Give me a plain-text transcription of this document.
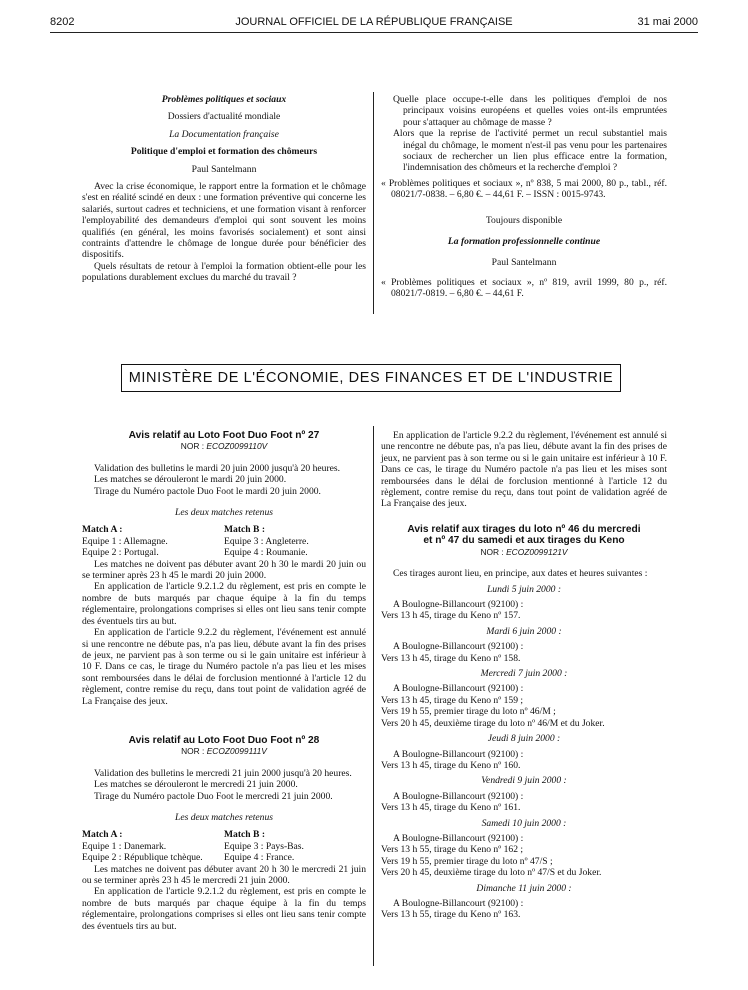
8202	JOURNAL OFFICIEL DE LA RÉPUBLIQUE FRANÇAISE	31 mai 2000

Problèmes politiques et sociaux

Dossiers d'actualité mondiale

La Documentation française

Politique d'emploi et formation des chômeurs

Paul Santelmann

Avec la crise économique, le rapport entre la formation et le chômage s'est en réalité scindé en deux : une formation préventive qui concerne les salariés, surtout cadres et techniciens, et une formation visant à renforcer l'employabilité des demandeurs d'emploi qui sont souvent les moins qualifiés (en général, les moins favorisés socialement) et sont ainsi contraints d'attendre le chômage de longue durée pour bénéficier des dispositifs.

Quels résultats de retour à l'emploi la formation obtient-elle pour les populations durablement exclues du marché du travail ?

Quelle place occupe-t-elle dans les politiques d'emploi de nos principaux voisins européens et quelles voies ont-ils empruntées pour s'attaquer au chômage de masse ?

Alors que la reprise de l'activité permet un recul substantiel mais inégal du chômage, le moment n'est-il pas venu pour les partenaires sociaux de rechercher un lien plus efficace entre la formation, l'indemnisation des chômeurs et la recherche d'emploi ?

« Problèmes politiques et sociaux », nº 838, 5 mai 2000, 80 p., tabl., réf. 08021/7-0838. – 6,80 €. – 44,61 F. – ISSN : 0015-9743.

Toujours disponible

La formation professionnelle continue

Paul Santelmann

« Problèmes politiques et sociaux », nº 819, avril 1999, 80 p., réf. 08021/7-0819. – 6,80 €. – 44,61 F.

MINISTÈRE DE L'ÉCONOMIE, DES FINANCES ET DE L'INDUSTRIE

Avis relatif au Loto Foot Duo Foot nº 27

NOR : ECOZ0099110V

Validation des bulletins le mardi 20 juin 2000 jusqu'à 20 heures.

Les matches se dérouleront le mardi 20 juin 2000.

Tirage du Numéro pactole Duo Foot le mardi 20 juin 2000.

Les deux matches retenus

Match A :

Equipe 1 : Allemagne.

Equipe 2 : Portugal.

Match B :

Equipe 3 : Angleterre.

Equipe 4 : Roumanie.

Les matches ne doivent pas débuter avant 20 h 30 le mardi 20 juin ou se terminer après 23 h 45 le mardi 20 juin 2000.

En application de l'article 9.2.1.2 du règlement, est pris en compte le nombre de buts marqués par chaque équipe à la fin du temps réglementaire, prolongations comprises si elles ont lieu sans tenir compte des éventuels tirs au but.

En application de l'article 9.2.2 du règlement, l'événement est annulé si une rencontre ne débute pas, n'a pas lieu, débute avant la fin des prises de jeux, ne parvient pas à son terme ou si le gain unitaire est inférieur à 10 F. Dans ce cas, le tirage du Numéro pactole n'a pas lieu et les mises sont remboursées dans le délai de forclusion mentionné à l'article 12 du règlement, contre remise du reçu, dans tout point de validation agréé de La Française des jeux.

Avis relatif au Loto Foot Duo Foot nº 28

NOR : ECOZ0099111V

Validation des bulletins le mercredi 21 juin 2000 jusqu'à 20 heures.

Les matches se dérouleront le mercredi 21 juin 2000.

Tirage du Numéro pactole Duo Foot le mercredi 21 juin 2000.

Les deux matches retenus

Match A :

Equipe 1 : Danemark.

Equipe 2 : République tchèque.

Match B :

Equipe 3 : Pays-Bas.

Equipe 4 : France.

Les matches ne doivent pas débuter avant 20 h 30 le mercredi 21 juin ou se terminer après 23 h 45 le mercredi 21 juin 2000.

En application de l'article 9.2.1.2 du règlement, est pris en compte le nombre de buts marqués par chaque équipe à la fin du temps réglementaire, prolongations comprises si elles ont lieu sans tenir compte des éventuels tirs au but.

En application de l'article 9.2.2 du règlement, l'événement est annulé si une rencontre ne débute pas, n'a pas lieu, débute avant la fin des prises de jeux, ne parvient pas à son terme ou si le gain unitaire est inférieur à 10 F. Dans ce cas, le tirage du Numéro pactole n'a pas lieu et les mises sont remboursées dans le délai de forclusion mentionné à l'article 12 du règlement, contre remise du reçu, dans tout point de validation agréé de La Française des jeux.

Avis relatif aux tirages du loto nº 46 du mercredi

et nº 47 du samedi et aux tirages du Keno

NOR : ECOZ0099121V

Ces tirages auront lieu, en principe, aux dates et heures suivantes :

Lundi 5 juin 2000 :

A Boulogne-Billancourt (92100) :

Vers 13 h 45, tirage du Keno nº 157.

Mardi 6 juin 2000 :

A Boulogne-Billancourt (92100) :

Vers 13 h 45, tirage du Keno nº 158.

Mercredi 7 juin 2000 :

A Boulogne-Billancourt (92100) :

Vers 13 h 45, tirage du Keno nº 159 ;

Vers 19 h 55, premier tirage du loto nº 46/M ;

Vers 20 h 45, deuxième tirage du loto nº 46/M et du Joker.

Jeudi 8 juin 2000 :

A Boulogne-Billancourt (92100) :

Vers 13 h 45, tirage du Keno nº 160.

Vendredi 9 juin 2000 :

A Boulogne-Billancourt (92100) :

Vers 13 h 45, tirage du Keno nº 161.

Samedi 10 juin 2000 :

A Boulogne-Billancourt (92100) :

Vers 13 h 55, tirage du Keno nº 162 ;

Vers 19 h 55, premier tirage du loto nº 47/S ;

Vers 20 h 45, deuxième tirage du loto nº 47/S et du Joker.

Dimanche 11 juin 2000 :

A Boulogne-Billancourt (92100) :

Vers 13 h 55, tirage du Keno nº 163.
